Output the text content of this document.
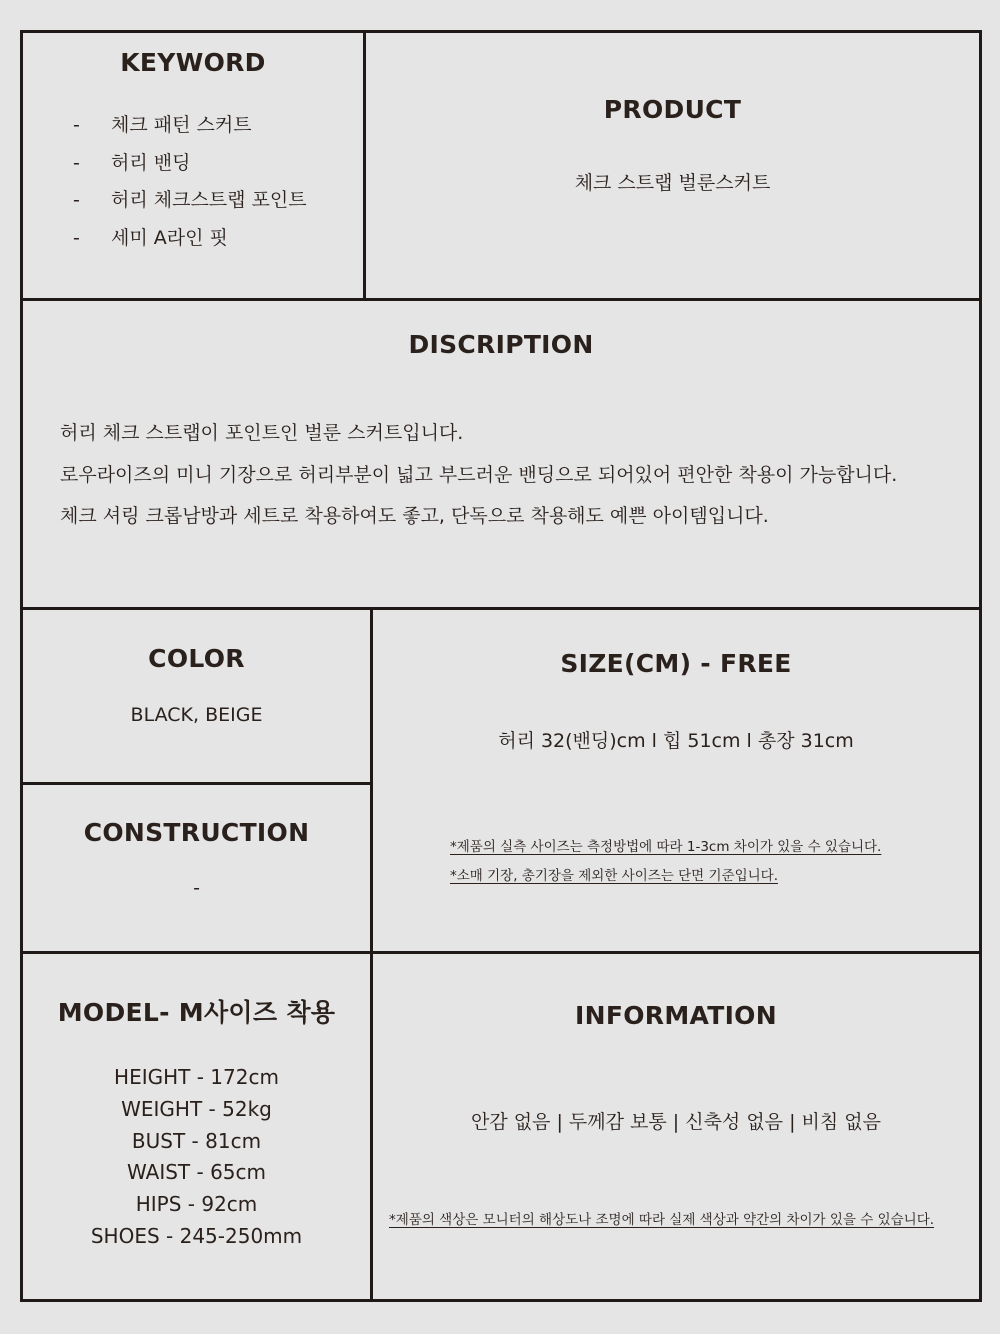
KEYWORD
-	체크 패턴 스커트
-	허리 밴딩
-	허리 체크스트랩 포인트
-	세미 A라인 핏
PRODUCT
체크 스트랩 벌룬스커트
DISCRIPTION
허리 체크 스트랩이 포인트인 벌룬 스커트입니다.
로우라이즈의 미니 기장으로 허리부분이 넓고 부드러운 밴딩으로 되어있어 편안한 착용이 가능합니다.
체크 셔링 크롭남방과 세트로 착용하여도 좋고, 단독으로 착용해도 예쁜 아이템입니다.
COLOR
BLACK, BEIGE
CONSTRUCTION
-
SIZE(CM) - FREE
허리 32(밴딩)cm l 힙 51cm l 총장 31cm
*제품의 실측 사이즈는 측정방법에 따라 1-3cm 차이가 있을 수 있습니다.
*소매 기장, 총기장을 제외한 사이즈는 단면 기준입니다.
MODEL- M사이즈 착용
HEIGHT - 172cm
WEIGHT - 52kg
BUST - 81cm
WAIST - 65cm
HIPS - 92cm
SHOES - 245-250mm
INFORMATION
안감 없음 | 두께감 보통 | 신축성 없음 | 비침 없음
*제품의 색상은 모니터의 해상도나 조명에 따라 실제 색상과 약간의 차이가 있을 수 있습니다.
